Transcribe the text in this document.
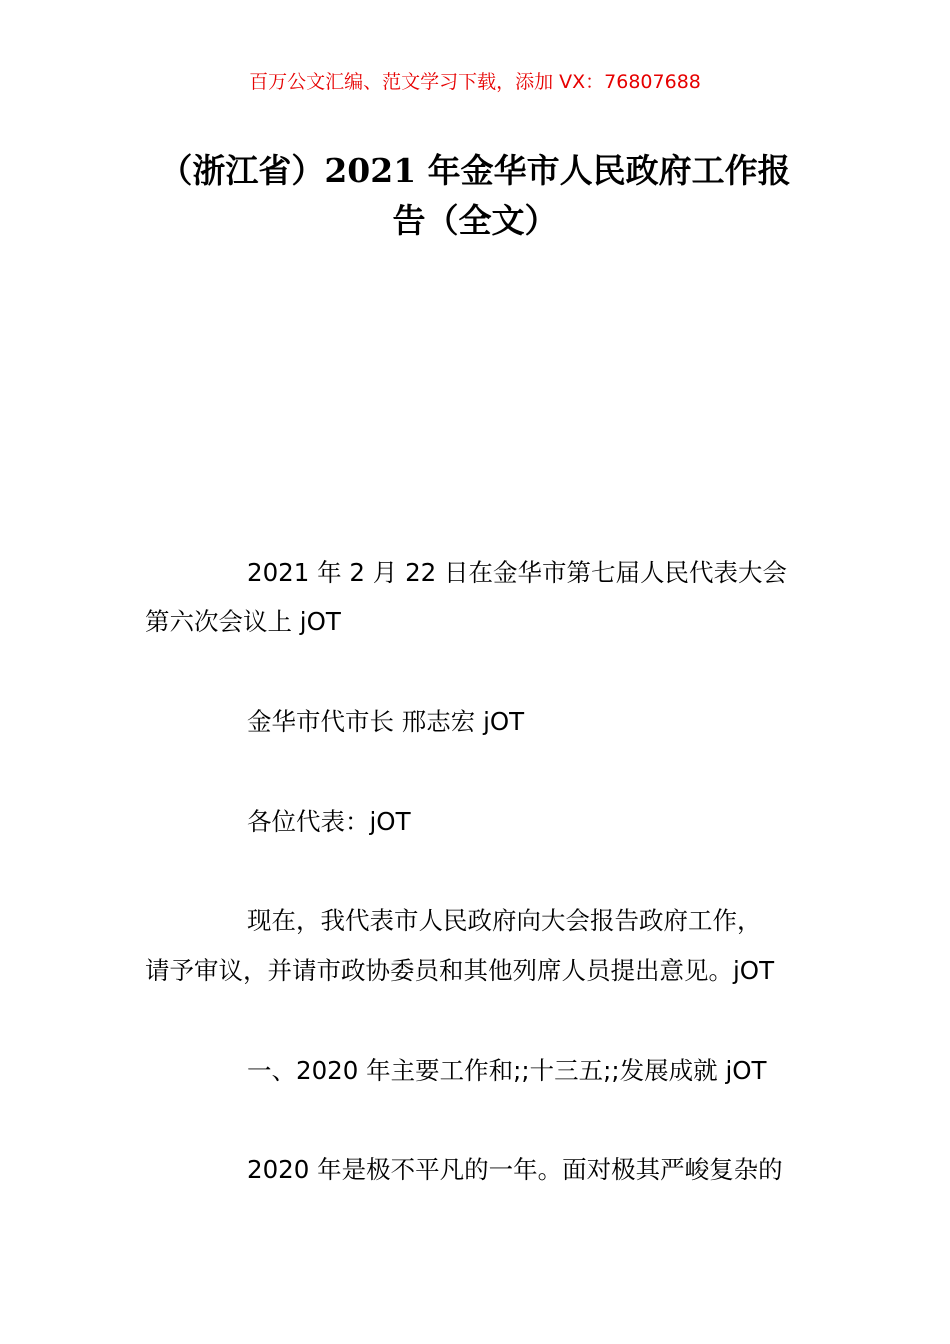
百万公文汇编、范文学习下载，添加 VX：76807688
（浙江省）2021 年金华市人民政府工作报
告（全文）
2021 年 2 月 22 日在金华市第七届人民代表大会
第六次会议上 jOT
金华市代市长 邢志宏 jOT
各位代表：jOT
现在，我代表市人民政府向大会报告政府工作，
请予审议，并请市政协委员和其他列席人员提出意见。jOT
一、2020 年主要工作和;;十三五;;发展成就 jOT
2020 年是极不平凡的一年。面对极其严峻复杂的
